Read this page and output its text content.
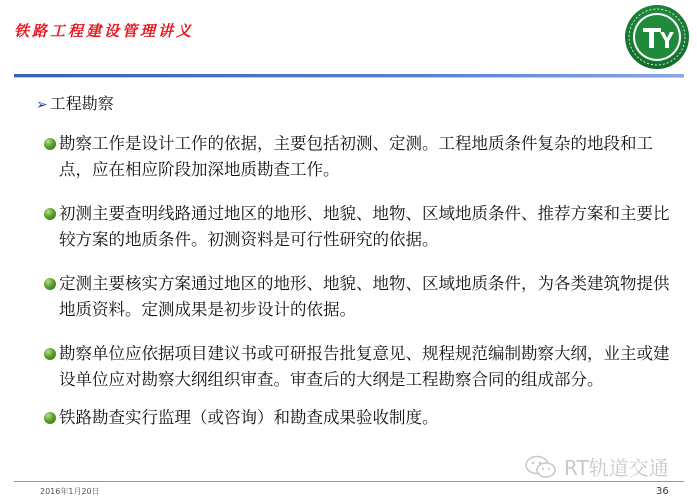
铁路工程建设管理讲义
➢ 工程勘察
勘察工作是设计工作的依据，主要包括初测、定测。工程地质条件复杂的地段和工点，应在相应阶段加深地质勘查工作。
初测主要查明线路通过地区的地形、地貌、地物、区域地质条件、推荐方案和主要比较方案的地质条件。初测资料是可行性研究的依据。
定测主要核实方案通过地区的地形、地貌、地物、区域地质条件，为各类建筑物提供地质资料。定测成果是初步设计的依据。
勘察单位应依据项目建议书或可研报告批复意见、规程规范编制勘察大纲，业主或建设单位应对勘察大纲组织审查。审查后的大纲是工程勘察合同的组成部分。
铁路勘查实行监理（或咨询）和勘查成果验收制度。
RT轨道交通
2016年1月20日	36
